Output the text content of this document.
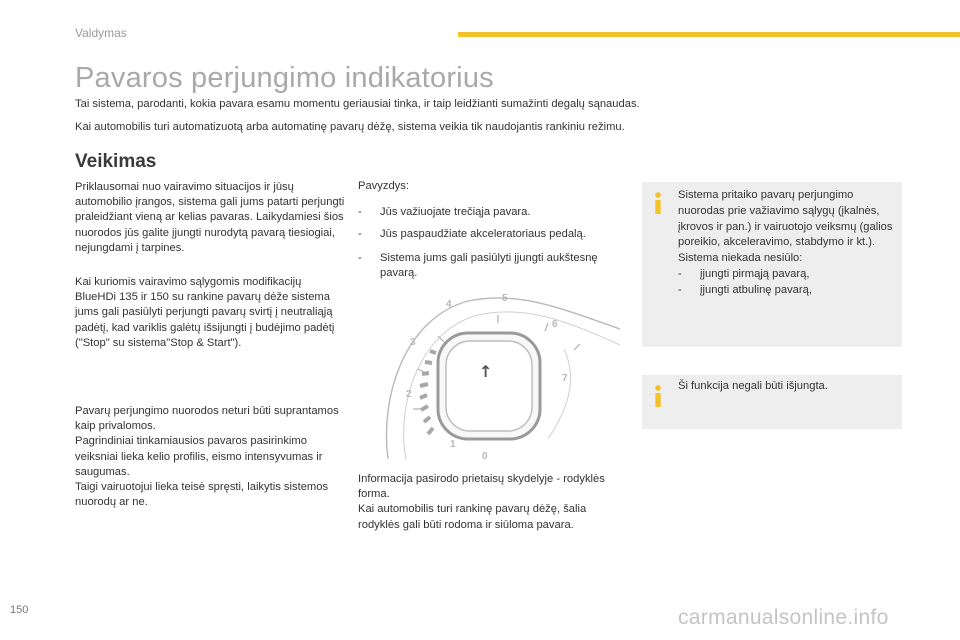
Valdymas
Pavaros perjungimo indikatorius
Tai sistema, parodanti, kokia pavara esamu momentu geriausiai tinka, ir taip leidžianti sumažinti degalų sąnaudas.
Kai automobilis turi automatizuotą arba automatinę pavarų dėžę, sistema veikia tik naudojantis rankiniu režimu.
Veikimas
Priklausomai nuo vairavimo situacijos ir jūsų automobilio įrangos, sistema gali jums patarti perjungti praleidžiant vieną ar kelias pavaras. Laikydamiesi šios nuorodos jūs galite įjungti nurodytą pavarą tiesiogiai, nejungdami į tarpines.
Kai kuriomis vairavimo sąlygomis modifikacijų BlueHDi 135 ir 150 su rankine pavarų dėže sistema jums gali pasiūlyti perjungti pavarų svirtį į neutraliąją padėtį, kad variklis galėtų išsijungti į budėjimo padėtį ("Stop" su sistema"Stop & Start").
Pavarų perjungimo nuorodos neturi būti suprantamos kaip privalomos.
Pagrindiniai tinkamiausios pavaros pasirinkimo veiksniai lieka kelio profilis, eismo intensyvumas ir saugumas.
Taigi vairuotojui lieka teisė spręsti, laikytis sistemos nuorodų ar ne.
Pavyzdys:
-	Jūs važiuojate trečiąja pavara.
-	Jūs paspaudžiate akceleratoriaus pedalą.
-	Sistema jums gali pasiūlyti įjungti aukštesnę pavarą.
0
1
2
3
4
5
6
7
↑
Informacija pasirodo prietaisų skydelyje - rodyklės forma.
Kai automobilis turi rankinę pavarų dėžę, šalia rodyklės gali būti rodoma ir siūloma pavara.
Sistema pritaiko pavarų perjungimo nuorodas prie važiavimo sąlygų (įkalnės, įkrovos ir pan.) ir vairuotojo veiksmų (galios poreikio, akceleravimo, stabdymo ir kt.).
Sistema niekada nesiūlo:
-	įjungti pirmąją pavarą,
-	įjungti atbulinę pavarą,
Ši funkcija negali būti išjungta.
150	carmanualsonline.info
